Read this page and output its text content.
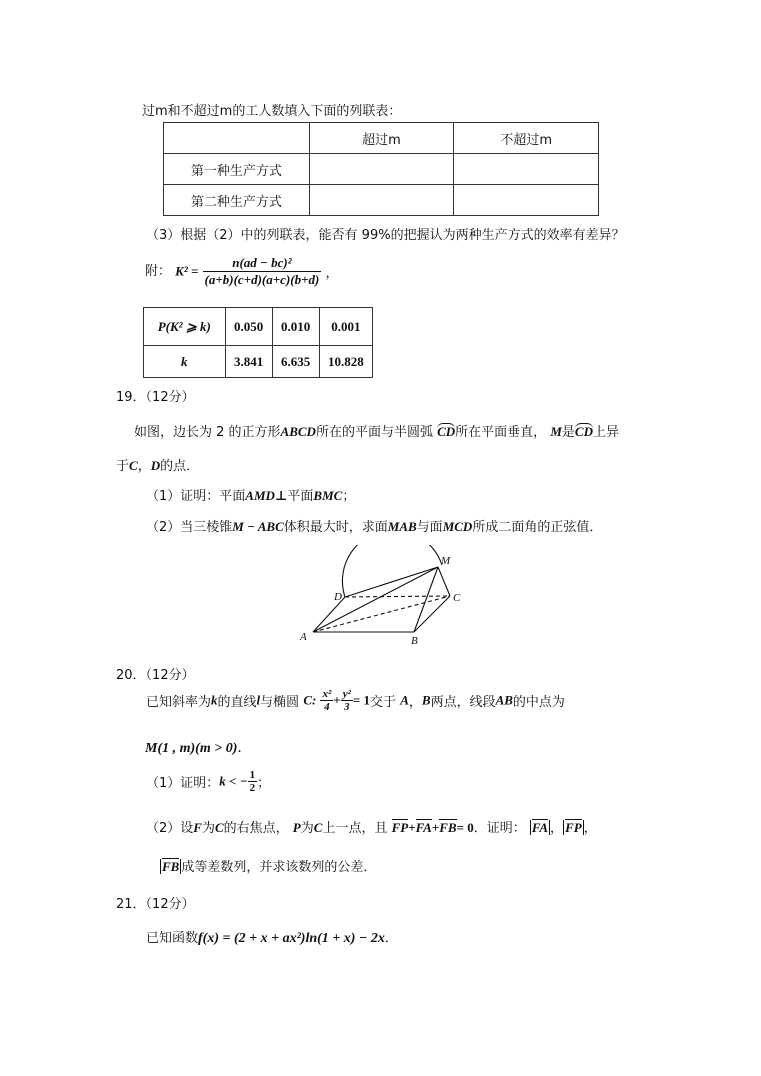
过m和不超过m的工人数填入下面的列联表：
	超过m	不超过m
第一种生产方式		
第二种生产方式		
（3）根据（2）中的列联表，能否有 99%的把握认为两种生产方式的效率有差异？
附： $K^2 = \frac{\text{n(ad − bc)²}}{(a+b)(c+d)(a+c)(b+d)}$ ，
P(K² ⩾ k)	0.050	0.010	0.001
k	3.841	6.635	10.828
19．（12分）
如图，边长为 2 的正方形ABCD所在的平面与半圆弧 CD所在平面垂直， M是CD上异
于C，D的点．
（1）证明：平面AMD⊥平面BMC；
（2）当三棱锥M − ABC体积最大时，求面MAB与面MCD所成二面角的正弦值．
M
D	C
A	B
20．（12分）
已知斜率为k的直线l与椭圆 C: $\frac{\text{x²}}{4} + \frac{\text{y²}}{3} = 1$交于 A，B两点，线段AB的中点为
M(1 , m)(m > 0)．
（1）证明：k < − $\frac{1}{2}$ ；
（2）设F为C的右焦点， P为C上一点，且 FP+FA+FB= 0．证明： FA ， FP ，
FB 成等差数列，并求该数列的公差．
21．（12分）
已知函数f(x) = (2 + x + ax²)ln(1 + x) − 2x．
